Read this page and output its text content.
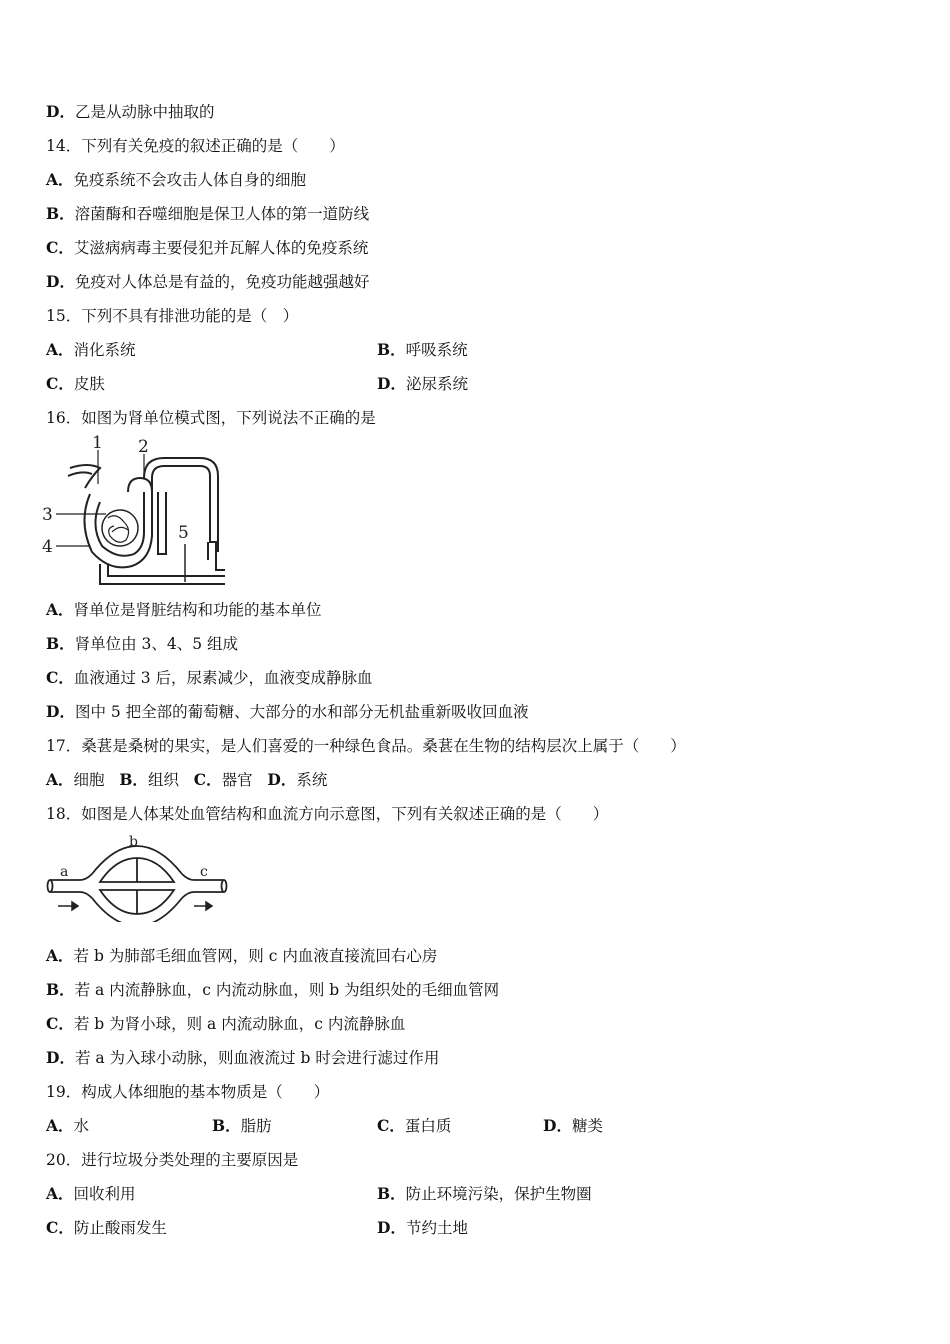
D．乙是从动脉中抽取的
14．下列有关免疫的叙述正确的是（　　）
A．免疫系统不会攻击人体自身的细胞
B．溶菌酶和吞噬细胞是保卫人体的第一道防线
C．艾滋病病毒主要侵犯并瓦解人体的免疫系统
D．免疫对人体总是有益的，免疫功能越强越好
15．下列不具有排泄功能的是（　）
A．消化系统	B．呼吸系统
C．皮肤	D．泌尿系统
16．如图为肾单位模式图，下列说法不正确的是
1 2
3
4
5
A．肾单位是肾脏结构和功能的基本单位
B．肾单位由 3、4、5 组成
C．血液通过 3 后，尿素减少，血液变成静脉血
D．图中 5 把全部的葡萄糖、大部分的水和部分无机盐重新吸收回血液
17．桑葚是桑树的果实，是人们喜爱的一种绿色食品。桑葚在生物的结构层次上属于（　　）
A．细胞 B．组织 C．器官 D．系统
18．如图是人体某处血管结构和血流方向示意图，下列有关叙述正确的是（　　）
a
b
c
A．若 b 为肺部毛细血管网，则 c 内血液直接流回右心房
B．若 a 内流静脉血，c 内流动脉血，则 b 为组织处的毛细血管网
C．若 b 为肾小球，则 a 内流动脉血，c 内流静脉血
D．若 a 为入球小动脉，则血液流过 b 时会进行滤过作用
19．构成人体细胞的基本物质是（　　）
A．水	B．脂肪	C．蛋白质	D．糖类
20．进行垃圾分类处理的主要原因是
A．回收利用	B．防止环境污染，保护生物圈
C．防止酸雨发生	D．节约土地
